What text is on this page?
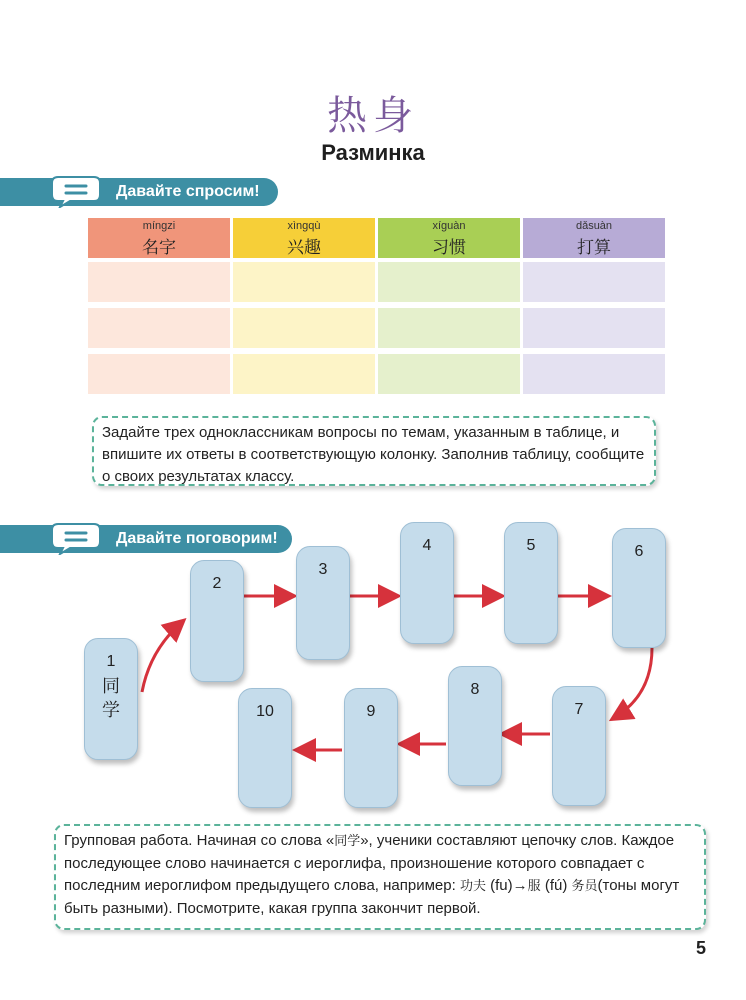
热身
Разминка
Давайте спросим!
míngzi
名字
xìngqù
兴趣
xíguàn
习惯
dǎsuàn
打算
Задайте трех одноклассникам вопросы по темам, указанным в таблице, и впишите их ответы в соответствующую колонку. Заполнив таблицу, сообщите о своих результатах классу.
Давайте поговорим!
1
同学
2
3
4	5	6
7
8
9
10
Групповая работа. Начиная со слова «同学», ученики составляют цепочку слов. Каждое последующее слово начинается с иероглифа, произношение которого совпадает с последним иероглифом предыдущего слова, например: 功夫 (fu)→服 (fú) 务员(тоны могут быть разными). Посмотрите, какая группа закончит первой.
5
